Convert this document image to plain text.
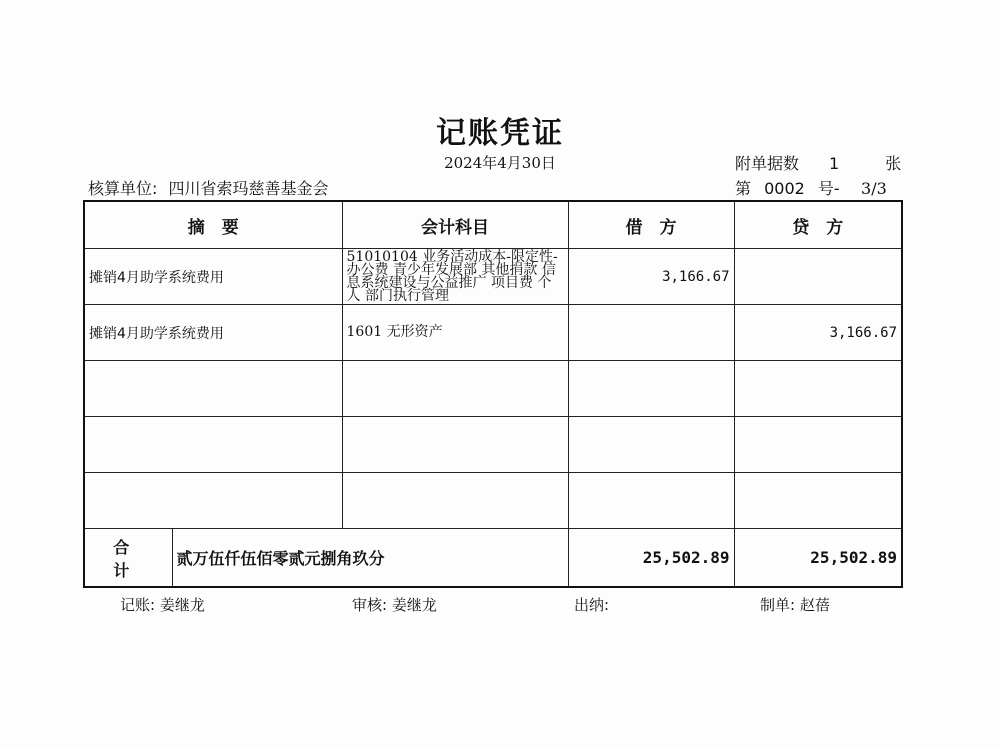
记账凭证
2024年4月30日	附单据数 1	张
核算单位: 四川省索玛慈善基金会	第 0002 号- 3/3
摘　要		会计科目	借　方	贷　方
摊销4月助学系统费用		51010104 业务活动成本-限定性-办公费 青少年发展部 其他捐款 信息系统建设与公益推广 项目费 个人 部门执行管理	3,166.67	
摊销4月助学系统费用		1601 无形资产		3,166.67

合 计	贰万伍仟伍佰零贰元捌角玖分		25,502.89	25,502.89
记账: 姜继龙	审核: 姜继龙	出纳:	制单: 赵蓓
